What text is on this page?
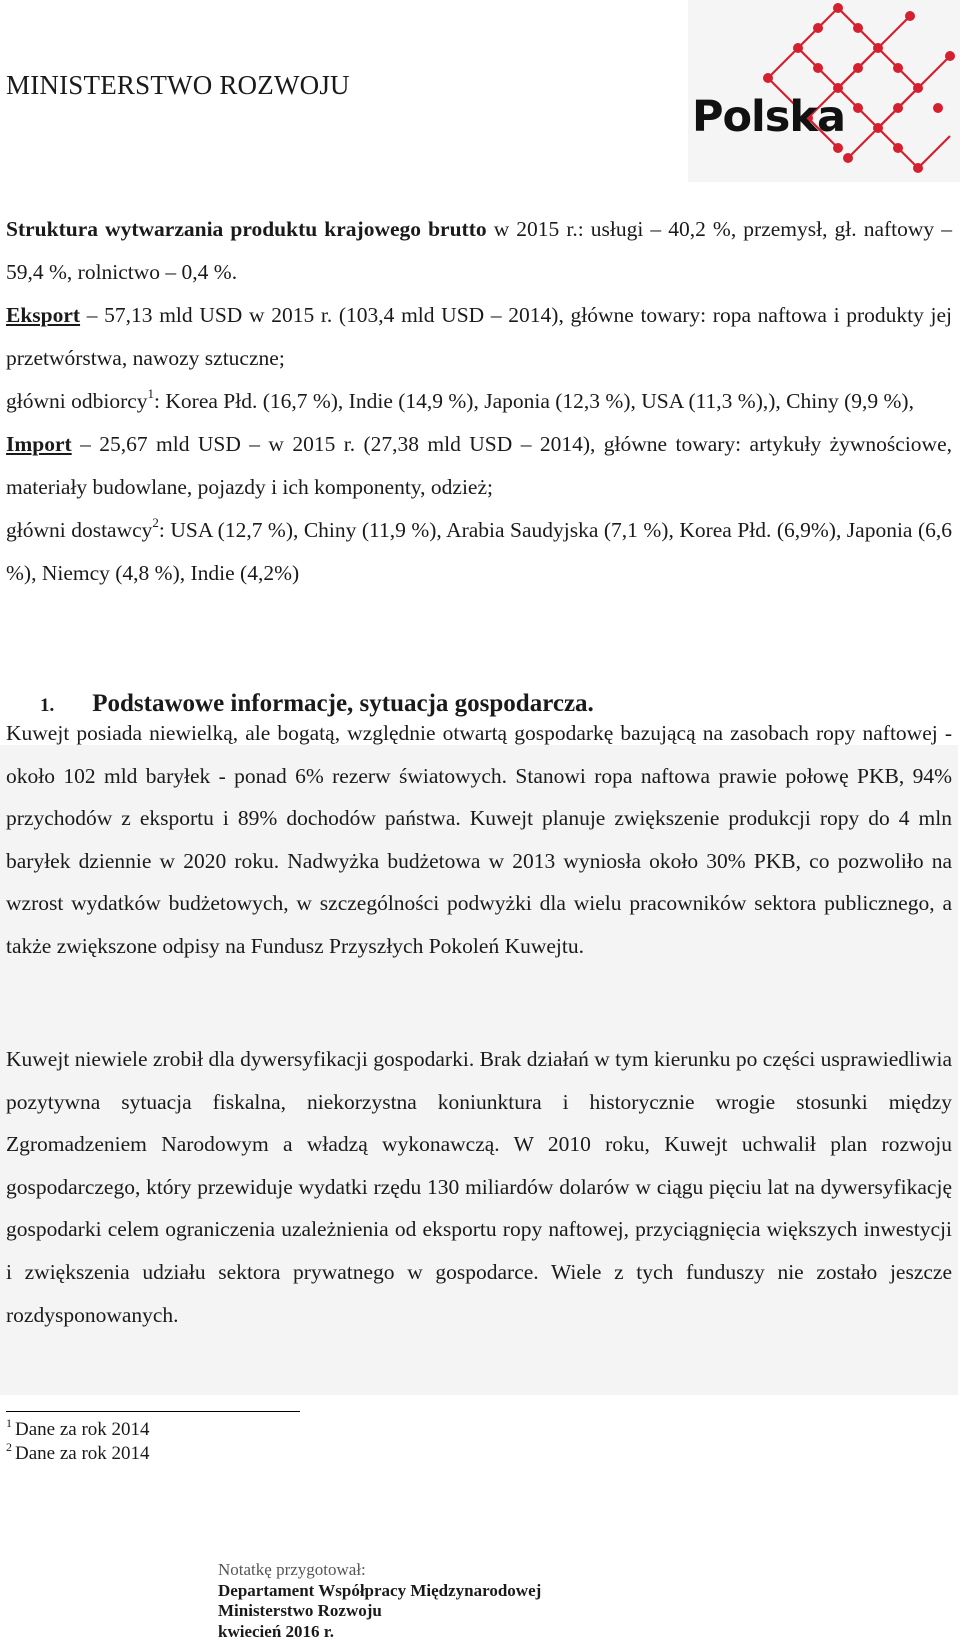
MINISTERSTWO ROZWOJU
Polska

Struktura wytwarzania produktu krajowego brutto w 2015 r.: usługi – 40,2 %, przemysł, gł. naftowy – 59,4 %, rolnictwo – 0,4 %.

Eksport – 57,13 mld USD w 2015 r. (103,4 mld USD – 2014), główne towary: ropa naftowa i produkty jej przetwórstwa, nawozy sztuczne;

główni odbiorcy$^1$: Korea Płd. (16,7 %), Indie (14,9 %), Japonia (12,3 %), USA (11,3 %),), Chiny (9,9 %),

Import – 25,67 mld USD – w 2015 r. (27,38 mld USD – 2014), główne towary: artykuły żywnościowe, materiały budowlane, pojazdy i ich komponenty, odzież;

główni dostawcy$^2$: USA (12,7 %), Chiny (11,9 %), Arabia Saudyjska (7,1 %), Korea Płd. (6,9%), Japonia (6,6 %), Niemcy (4,8 %), Indie (4,2%)

1. Podstawowe informacje, sytuacja gospodarcza.

Kuwejt posiada niewielką, ale bogatą, względnie otwartą gospodarkę bazującą na zasobach ropy naftowej - około 102 mld baryłek - ponad 6% rezerw światowych. Stanowi ropa naftowa prawie połowę PKB, 94% przychodów z eksportu i 89% dochodów państwa. Kuwejt planuje zwiększenie produkcji ropy do 4 mln baryłek dziennie w 2020 roku. Nadwyżka budżetowa w 2013 wyniosła około 30% PKB, co pozwoliło na wzrost wydatków budżetowych, w szczególności podwyżki dla wielu pracowników sektora publicznego, a także zwiększone odpisy na Fundusz Przyszłych Pokoleń Kuwejtu.

Kuwejt niewiele zrobił dla dywersyfikacji gospodarki. Brak działań w tym kierunku po części usprawiedliwia pozytywna sytuacja fiskalna, niekorzystna koniunktura i historycznie wrogie stosunki między Zgromadzeniem Narodowym a władzą wykonawczą. W 2010 roku, Kuwejt uchwalił plan rozwoju gospodarczego, który przewiduje wydatki rzędu 130 miliardów dolarów w ciągu pięciu lat na dywersyfikację gospodarki celem ograniczenia uzależnienia od eksportu ropy naftowej, przyciągnięcia większych inwestycji i zwiększenia udziału sektora prywatnego w gospodarce. Wiele z tych funduszy nie zostało jeszcze rozdysponowanych.

$^1$ Dane za rok 2014
$^2$ Dane za rok 2014
Notatkę przygotował:
Departament Współpracy Międzynarodowej
Ministerstwo Rozwoju
kwiecień 2016 r.
